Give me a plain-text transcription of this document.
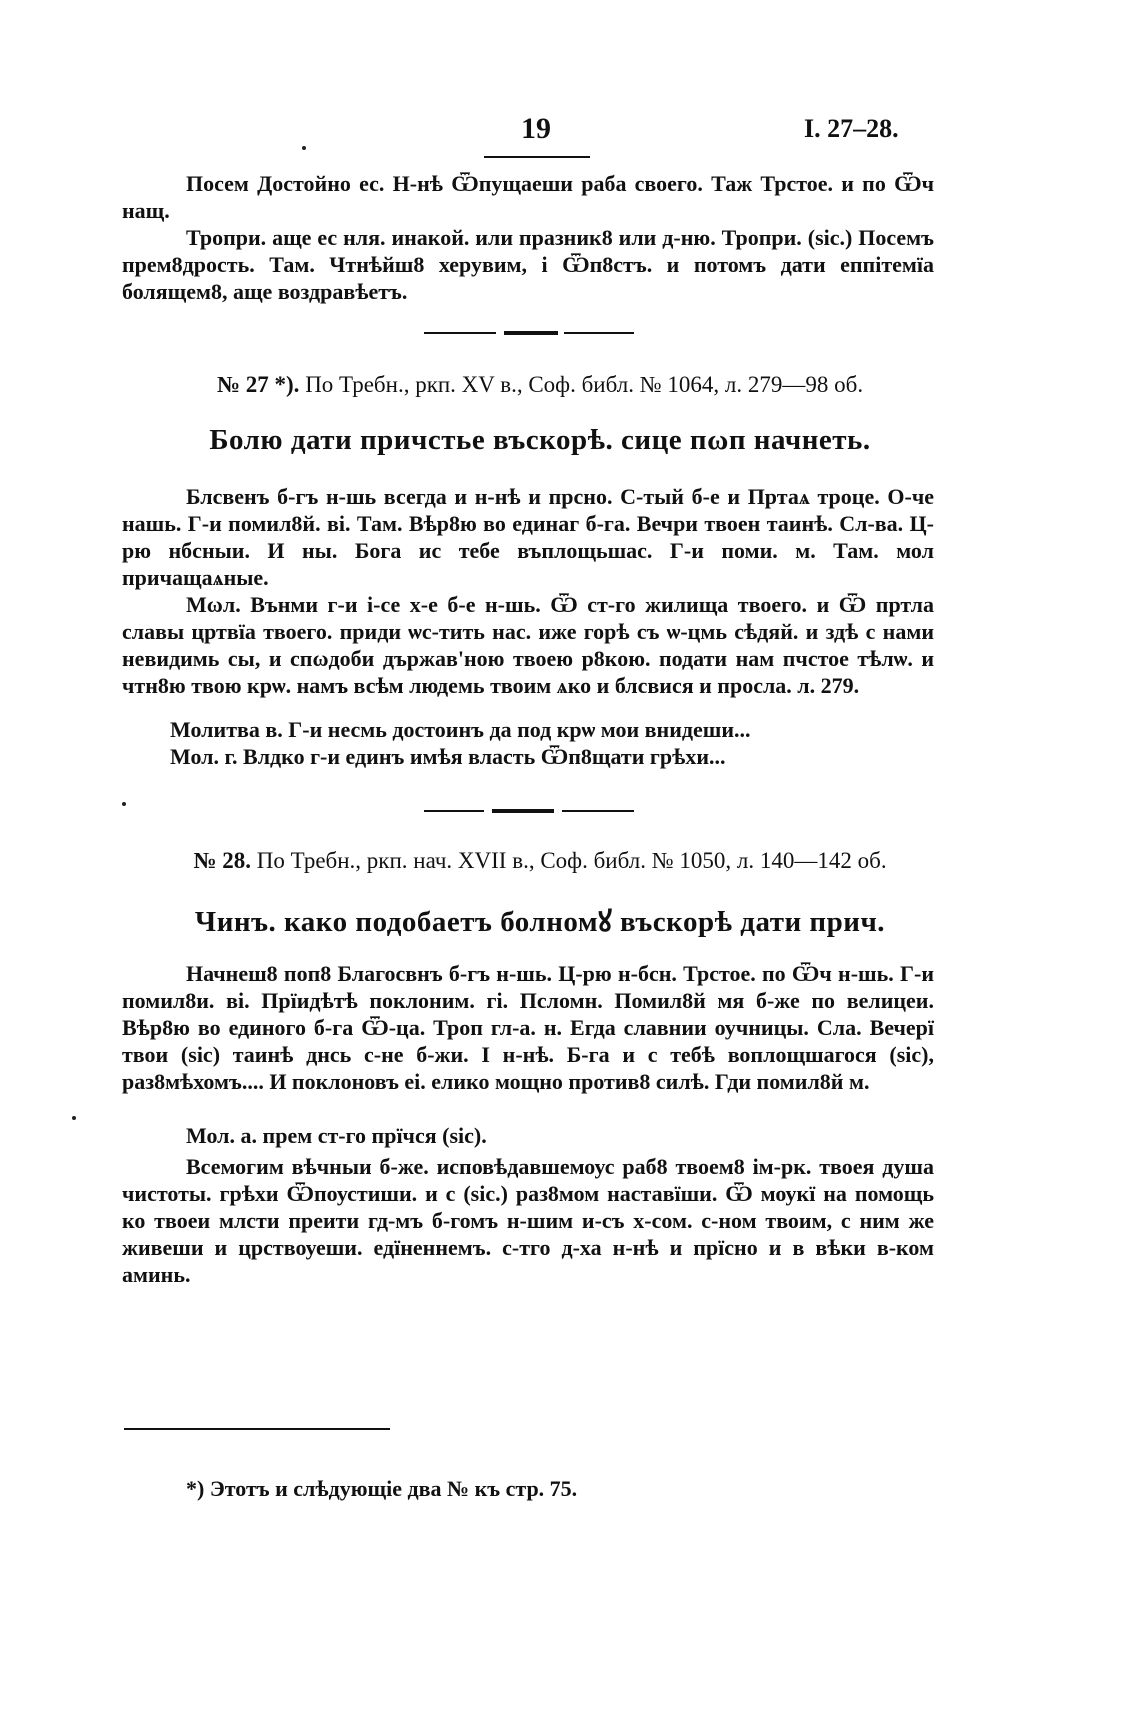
19	I. 27–28.

Посем Достойно ес. Н-нѣ Ѿпущаеши раба своего. Таж Трстое. и по Ѿч нащ.

Тропри. аще ес нля. инакой. или празник8 или д-ню. Тропри. (sic.) Посемъ прем8дрость. Там. Чтнѣйш8 херувим, і Ѿп8стъ. и потомъ дати еппітемїа болящем8, аще воздравѣетъ.

№ 27 *). По Требн., ркп. XV в., Соф. библ. № 1064, л. 279—98 об.

Болю дати причстье въскорѣ. сице пωп начнеть.

Блсвенъ б-гъ н-шь всегда и н-нѣ и прсно. С-тый б-е и Пртаѧ троце. О-че нашь. Г-и помил8й. ві. Там. Вѣр8ю во единаг б-га. Вечри твоен таинѣ. Сл-ва. Ц-рю нбсныи. И ны. Бога ис тебе въплощьшас. Г-и поми. м. Там. мол причащаѧные.

Мωл. Вънми г-и і-се х-е б-е н-шь. Ѿ ст-го жилища твоего. и Ѿ пртла славы цртвїа твоего. приди ѡс-тить нас. иже горѣ съ ѡ-цмь сѣдяй. и здѣ с нами невидимь сы, и спωдоби държав'ною твоею р8кою. подати нам пчстое тѣлѡ. и чтн8ю твою крѡ. намъ всѣм людемь твоим ѧко и блсвися и просла. л. 279.

Молитва в. Г-и несмь достоинъ да под крѡ мои внидеши...

Мол. г. Влдко г-и единъ имѣя власть Ѿп8щати грѣхи...

№ 28. По Требн., ркп. нач. XVII в., Соф. библ. № 1050, л. 140—142 об.

Чинъ. како подобаетъ болномꙋ въскорѣ дати прич.

Начнеш8 поп8 Благосвнъ б-гъ н-шь. Ц-рю н-бсн. Трстое. по Ѿч н-шь. Г-и помил8и. ві. Прїидѣтѣ поклоним. гі. Псломн. Помил8й мя б-же по велицеи. Вѣр8ю во единого б-га Ѿ-ца. Троп гл-а. н. Егда славнии оучницы. Сла. Вечерї твои (sic) таинѣ днсь с-не б-жи. І н-нѣ. Б-га и с тебѣ воплощшагося (sic), раз8мѣхомъ.... И поклоновъ еі. елико мощно против8 силѣ. Гди помил8й м.

Мол. а. прем ст-го прїчся (sic).

Всемогим вѣчныи б-же. исповѣдавшемоус раб8 твоем8 ім-рк. твоея душа чистоты. грѣхи Ѿпоустиши. и с (sic.) раз8мом наставїши. Ѿ моукї на помощь ко твоеи млсти преити гд-мъ б-гомъ н-шим и-съ х-сом. с-ном твоим, с ним же живеши и црствоуеши. едїненнемъ. с-тго д-ха н-нѣ и прїсно и в вѣки в-ком аминь.

*) Этотъ и слѣдующіе два № къ стр. 75.
